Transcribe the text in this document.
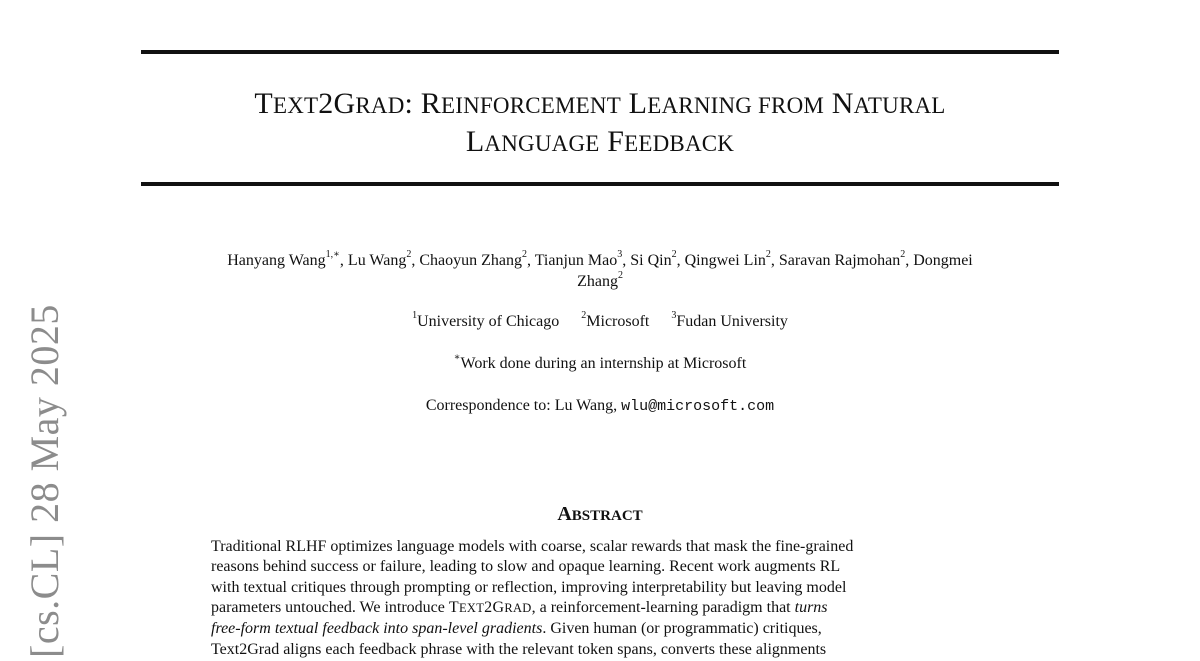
TEXT2GRAD: REINFORCEMENT LEARNING FROM NATURAL
LANGUAGE FEEDBACK
Hanyang Wang$^{1,∗}$, Lu Wang$^2$, Chaoyun Zhang$^2$, Tianjun Mao$^3$, Si Qin$^2$, Qingwei Lin$^2$, Saravan Rajmohan$^2$, Dongmei
Zhang$^2$
$^1$University of Chicago $^2$Microsoft $^3$Fudan University
∗Work done during an internship at Microsoft
Correspondence to: Lu Wang, wlu@microsoft.com
ABSTRACT
Traditional RLHF optimizes language models with coarse, scalar rewards that mask the fine-grained
reasons behind success or failure, leading to slow and opaque learning. Recent work augments RL
with textual critiques through prompting or reflection, improving interpretability but leaving model
parameters untouched. We introduce TEXT2GRAD, a reinforcement-learning paradigm that turns
free-form textual feedback into span-level gradients. Given human (or programmatic) critiques,
Text2Grad aligns each feedback phrase with the relevant token spans, converts these alignments
[cs.CL] 28 May 2025
